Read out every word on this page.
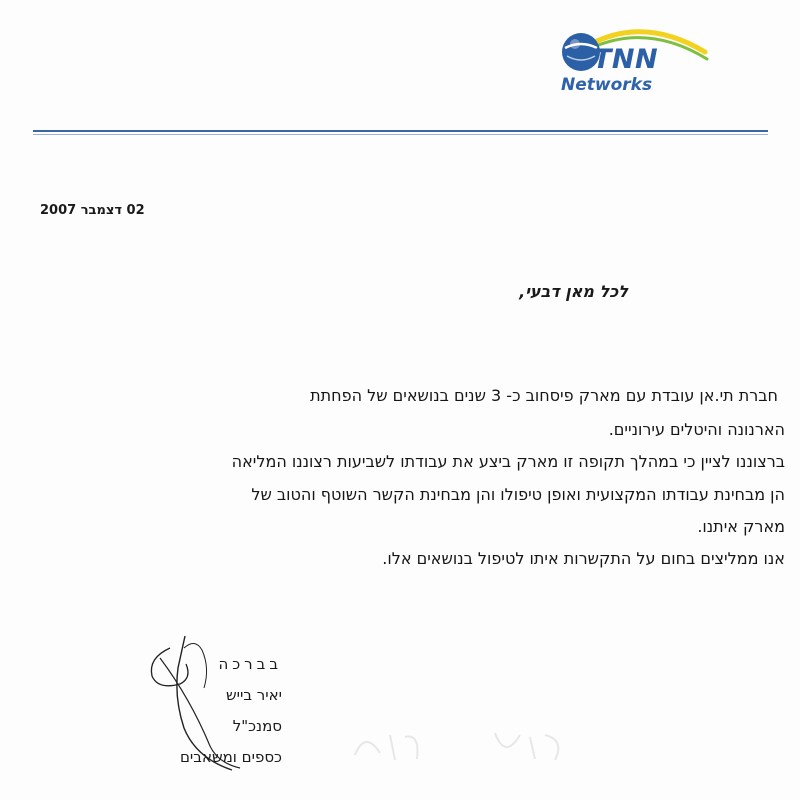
TNN
Networks
02 דצמבר 2007
לכל מאן דבעי,
חברת תי.אן עובדת עם מארק פיסחוב כ- 3 שנים בנושאים של הפחתת
הארנונה והיטלים עירוניים.
ברצוננו לציין כי במהלך תקופה זו מארק ביצע את עבודתו לשביעות רצוננו המליאה
הן מבחינת עבודתו המקצועית ואופן טיפולו והן מבחינת הקשר השוטף והטוב של
מארק איתנו.
אנו ממליצים בחום על התקשרות איתו לטיפול בנושאים אלו.
בברכה
יאיר בייש
סמנכ"ל
כספים ומשאבים
